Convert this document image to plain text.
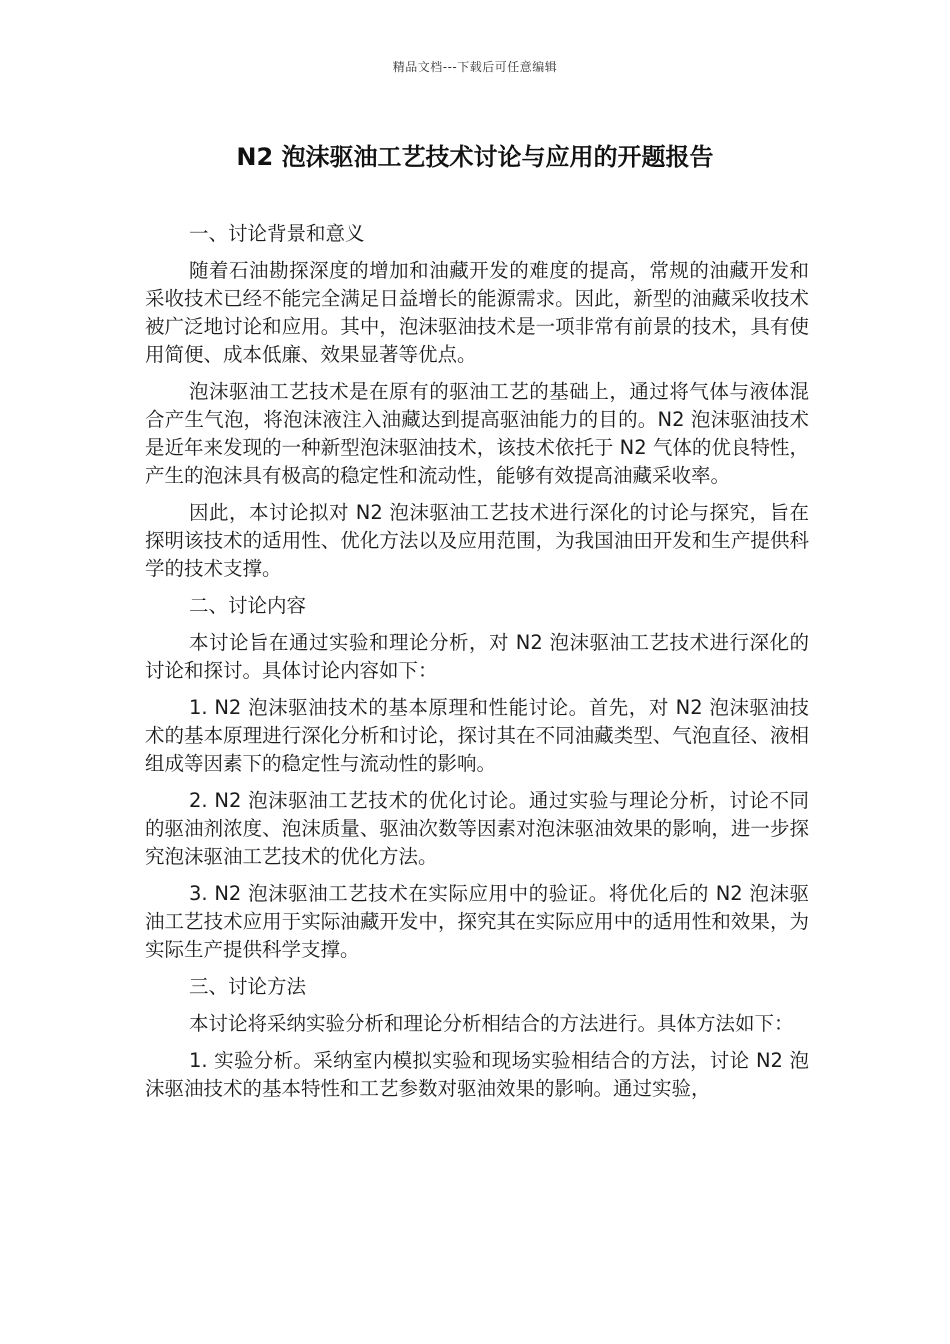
精品文档---下载后可任意编辑
N2 泡沫驱油工艺技术讨论与应用的开题报告

一、讨论背景和意义

随着石油勘探深度的增加和油藏开发的难度的提高，常规的油藏开发和采收技术已经不能完全满足日益增长的能源需求。因此，新型的油藏采收技术被广泛地讨论和应用。其中，泡沫驱油技术是一项非常有前景的技术，具有使用简便、成本低廉、效果显著等优点。

泡沫驱油工艺技术是在原有的驱油工艺的基础上，通过将气体与液体混合产生气泡，将泡沫液注入油藏达到提高驱油能力的目的。N2 泡沫驱油技术是近年来发现的一种新型泡沫驱油技术，该技术依托于 N2 气体的优良特性，产生的泡沫具有极高的稳定性和流动性，能够有效提高油藏采收率。

因此，本讨论拟对 N2 泡沫驱油工艺技术进行深化的讨论与探究，旨在探明该技术的适用性、优化方法以及应用范围，为我国油田开发和生产提供科学的技术支撑。

二、讨论内容

本讨论旨在通过实验和理论分析，对 N2 泡沫驱油工艺技术进行深化的讨论和探讨。具体讨论内容如下：

1. N2 泡沫驱油技术的基本原理和性能讨论。首先，对 N2 泡沫驱油技术的基本原理进行深化分析和讨论，探讨其在不同油藏类型、气泡直径、液相组成等因素下的稳定性与流动性的影响。

2. N2 泡沫驱油工艺技术的优化讨论。通过实验与理论分析，讨论不同的驱油剂浓度、泡沫质量、驱油次数等因素对泡沫驱油效果的影响，进一步探究泡沫驱油工艺技术的优化方法。

3. N2 泡沫驱油工艺技术在实际应用中的验证。将优化后的 N2 泡沫驱油工艺技术应用于实际油藏开发中，探究其在实际应用中的适用性和效果，为实际生产提供科学支撑。

三、讨论方法

本讨论将采纳实验分析和理论分析相结合的方法进行。具体方法如下：

1. 实验分析。采纳室内模拟实验和现场实验相结合的方法，讨论 N2 泡沫驱油技术的基本特性和工艺参数对驱油效果的影响。通过实验，
